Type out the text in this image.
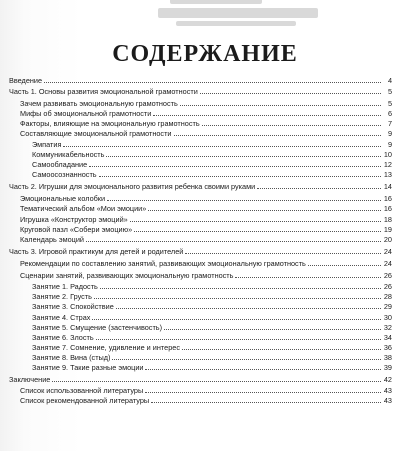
СОДЕРЖАНИЕ
Введение	4
Часть 1. Основы развития эмоциональной грамотности	5
Зачем развивать эмоциональную грамотность	5
Мифы об эмоциональной грамотности	6
Факторы, влияющие на эмоциональную грамотность	7
Составляющие эмоциональной грамотности	9
Эмпатия	9
Коммуникабельность	10
Самообладание	12
Самоосознанность	13
Часть 2. Игрушки для эмоционального развития ребенка своими руками	14
Эмоциональные колобки	16
Тематический альбом «Мои эмоции»	16
Игрушка «Конструктор эмоций»	18
Круговой пазл «Собери эмоцию»	19
Календарь эмоций	20
Часть 3. Игровой практикум для детей и родителей	24
Рекомендации по составлению занятий, развивающих эмоциональную грамотность	24
Сценарии занятий, развивающих эмоциональную грамотность	26
Занятие 1. Радость	26
Занятие 2. Грусть	28
Занятие 3. Спокойствие	29
Занятие 4. Страх	30
Занятие 5. Смущение (застенчивость)	32
Занятие 6. Злость	34
Занятие 7. Сомнение, удивление и интерес	36
Занятие 8. Вина (стыд)	38
Занятие 9. Такие разные эмоции	39
Заключение	42
Список использованной литературы	43
Список рекомендованной литературы	43
